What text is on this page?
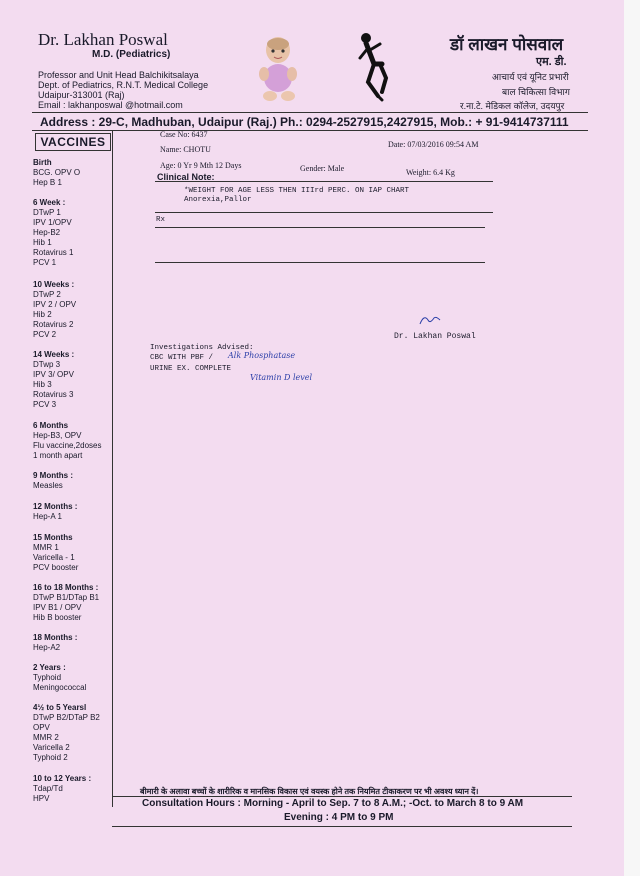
Dr. Lakhan Poswal
M.D. (Pediatrics)
Professor and Unit Head Balchikitsalaya
Dept. of Pediatrics, R.N.T. Medical College
Udaipur-313001 (Raj)
Email : lakhanposwal @hotmail.com
डॉ लाखन पोसवाल
एम. डी.
आचार्य एवं यूनिट प्रभारी
बाल चिकित्सा विभाग
र.ना.टे. मेडिकल कॉलेज, उदयपुर
Address : 29-C, Madhuban, Udaipur (Raj.) Ph.: 0294-2527915,2427915, Mob.: + 91-9414737111
VACCINES
Birth
BCG. OPV O
Hep B 1
6 Week :
DTwP 1
IPV 1/OPV
Hep-B2
Hib 1
Rotavirus 1
PCV 1
10 Weeks :
DTwP 2
IPV 2 / OPV
Hib 2
Rotavirus 2
PCV 2
14 Weeks :
DTwp 3
IPV 3/ OPV
Hib 3
Rotavirus 3
PCV 3
6 Months
Hep-B3, OPV
Flu vaccine,2doses
1 month apart
9 Months :
Measles
12 Months :
Hep-A 1
15 Months
MMR 1
Varicella - 1
PCV booster
16 to 18 Months :
DTwP B1/DTap B1
IPV B1 / OPV
Hib B booster
18 Months :
Hep-A2
2 Years :
Typhoid
Meningococcal
4½ to 5 Yearsl
DTwP B2/DTaP B2
OPV
MMR 2
Varicella 2
Typhoid 2
10 to 12 Years :
Tdap/Td
HPV
Case No: 6437
Date: 07/03/2016 09:54 AM
Name: CHOTU
Age: 0 Yr 9 Mth 12 Days	Gender: Male	Weight: 6.4 Kg
Clinical Note:
*WEIGHT FOR AGE LESS THEN IIIrd PERC. ON IAP CHART
Anorexia,Pallor
Rx
Dr. Lakhan Poswal
Investigations Advised:
CBC WITH PBF / Alk Phosphatase
URINE EX. COMPLETE
Vitamin D level
बीमारी के अलावा बच्चों के शारीरिक व मानसिक विकास एवं वयस्क होने तक नियमित टीकाकरण पर भी अवश्य ध्यान दें।
Consultation Hours : Morning - April to Sep. 7 to 8 A.M.; -Oct. to March 8 to 9 AM
Evening : 4 PM to 9 PM
